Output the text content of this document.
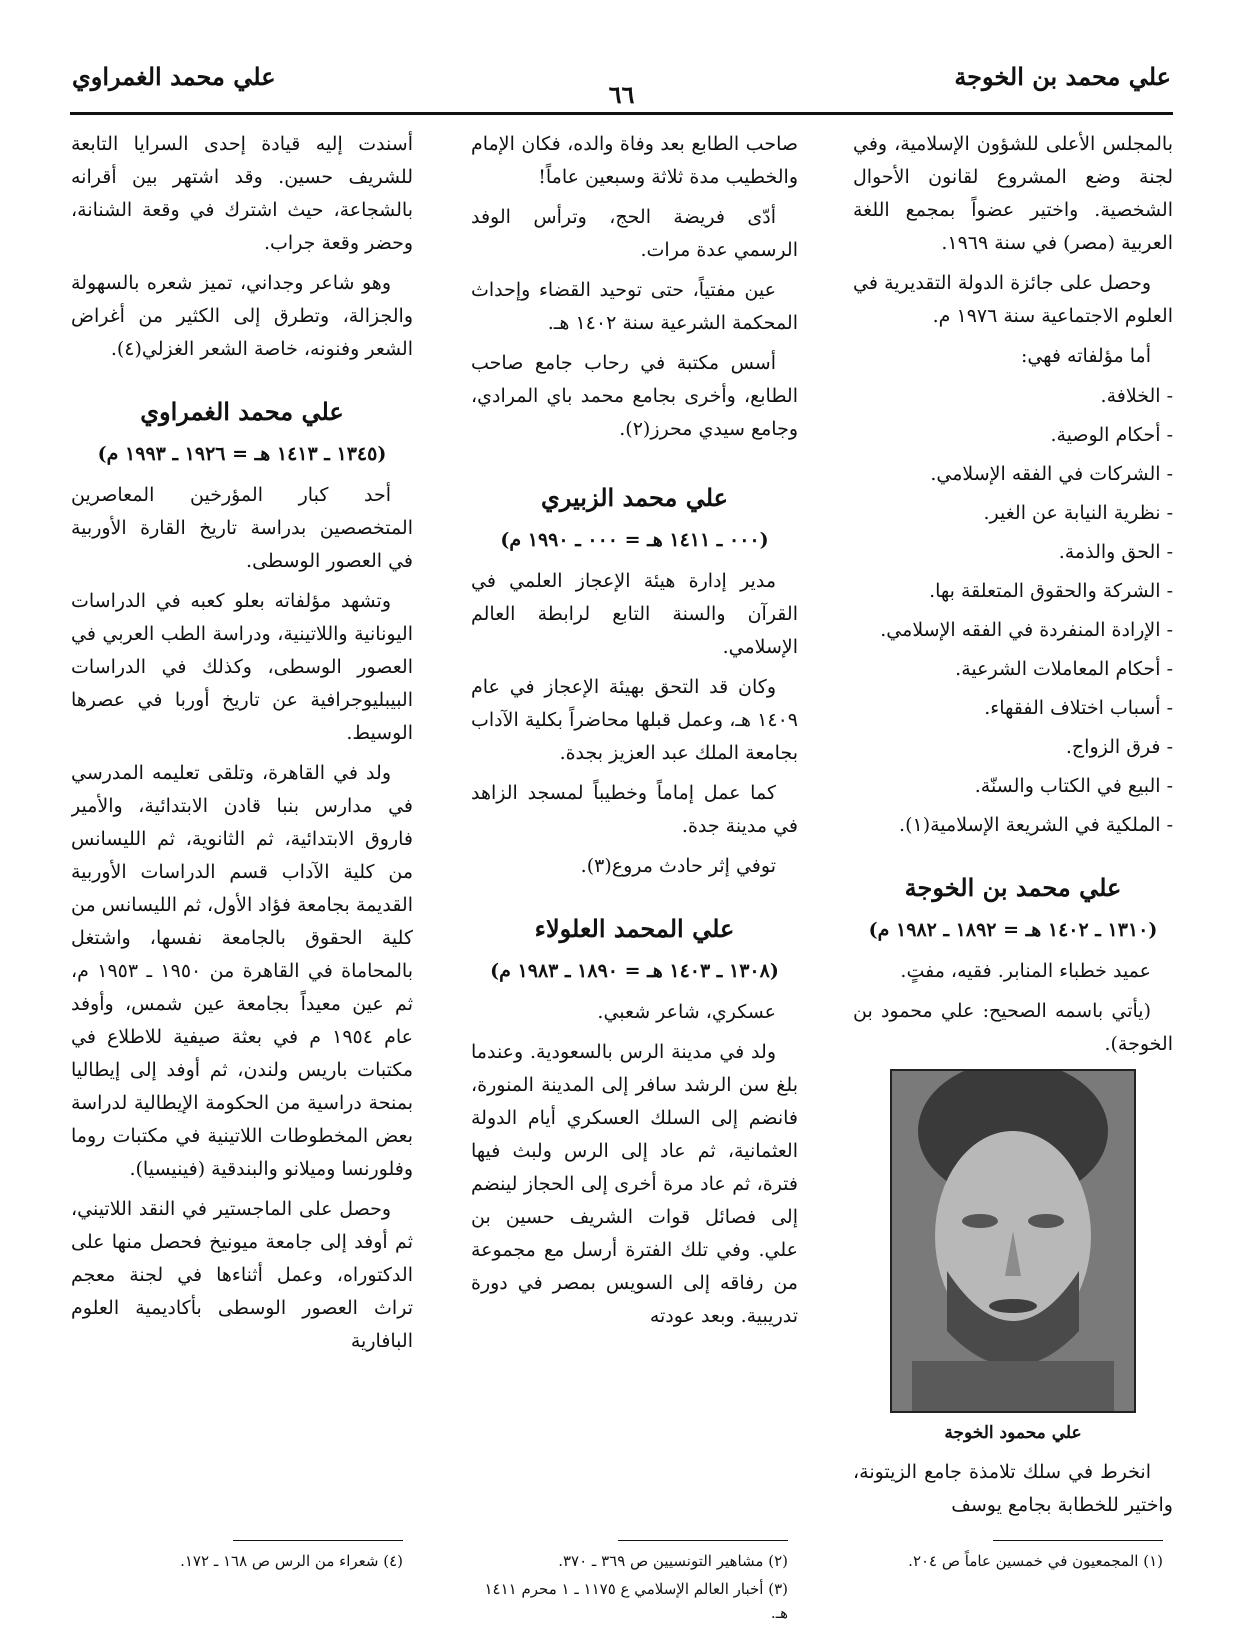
علي محمد بن الخوجة
٦٦
علي محمد الغمراوي

بالمجلس الأعلى للشؤون الإسلامية، وفي لجنة وضع المشروع لقانون الأحوال الشخصية. واختير عضواً بمجمع اللغة العربية (مصر) في سنة ١٩٦٩.

وحصل على جائزة الدولة التقديرية في العلوم الاجتماعية سنة ١٩٧٦ م.

أما مؤلفاته فهي:

- الخلافة.
- أحكام الوصية.
- الشركات في الفقه الإسلامي.
- نظرية النيابة عن الغير.
- الحق والذمة.
- الشركة والحقوق المتعلقة بها.
- الإرادة المنفردة في الفقه الإسلامي.
- أحكام المعاملات الشرعية.
- أسباب اختلاف الفقهاء.
- فرق الزواج.
- البيع في الكتاب والسنّة.
- الملكية في الشريعة الإسلامية(١).
علي محمد بن الخوجة
(١٣١٠ ـ ١٤٠٢ هـ = ١٨٩٢ ـ ١٩٨٢ م)

عميد خطباء المنابر. فقيه، مفتٍ.

(يأتي باسمه الصحيح: علي محمود بن الخوجة).

علي محمود الخوجة

انخرط في سلك تلامذة جامع الزيتونة، واختير للخطابة بجامع يوسف

صاحب الطابع بعد وفاة والده، فكان الإمام والخطيب مدة ثلاثة وسبعين عاماً!

أدّى فريضة الحج، وترأس الوفد الرسمي عدة مرات.

عين مفتياً، حتى توحيد القضاء وإحداث المحكمة الشرعية سنة ١٤٠٢ هـ.

أسس مكتبة في رحاب جامع صاحب الطابع، وأخرى بجامع محمد باي المرادي، وجامع سيدي محرز(٢).

علي محمد الزبيري
(٠٠٠ ـ ١٤١١ هـ = ٠٠٠ ـ ١٩٩٠ م)

مدير إدارة هيئة الإعجاز العلمي في القرآن والسنة التابع لرابطة العالم الإسلامي.

وكان قد التحق بهيئة الإعجاز في عام ١٤٠٩ هـ، وعمل قبلها محاضراً بكلية الآداب بجامعة الملك عبد العزيز بجدة.

كما عمل إماماً وخطيباً لمسجد الزاهد في مدينة جدة.

توفي إثر حادث مروع(٣).

علي المحمد العلولاء
(١٣٠٨ ـ ١٤٠٣ هـ = ١٨٩٠ ـ ١٩٨٣ م)

عسكري، شاعر شعبي.

ولد في مدينة الرس بالسعودية. وعندما بلغ سن الرشد سافر إلى المدينة المنورة، فانضم إلى السلك العسكري أيام الدولة العثمانية، ثم عاد إلى الرس ولبث فيها فترة، ثم عاد مرة أخرى إلى الحجاز لينضم إلى فصائل قوات الشريف حسين بن علي. وفي تلك الفترة أرسل مع مجموعة من رفاقه إلى السويس بمصر في دورة تدريبية. وبعد عودته

أسندت إليه قيادة إحدى السرايا التابعة للشريف حسين. وقد اشتهر بين أقرانه بالشجاعة، حيث اشترك في وقعة الشنانة، وحضر وقعة جراب.

وهو شاعر وجداني، تميز شعره بالسهولة والجزالة، وتطرق إلى الكثير من أغراض الشعر وفنونه، خاصة الشعر الغزلي(٤).

علي محمد الغمراوي
(١٣٤٥ ـ ١٤١٣ هـ = ١٩٢٦ ـ ١٩٩٣ م)

أحد كبار المؤرخين المعاصرين المتخصصين بدراسة تاريخ القارة الأوربية في العصور الوسطى.

وتشهد مؤلفاته بعلو كعبه في الدراسات اليونانية واللاتينية، ودراسة الطب العربي في العصور الوسطى، وكذلك في الدراسات البيبليوجرافية عن تاريخ أوربا في عصرها الوسيط.

ولد في القاهرة، وتلقى تعليمه المدرسي في مدارس بنبا قادن الابتدائية، والأمير فاروق الابتدائية، ثم الثانوية، ثم الليسانس من كلية الآداب قسم الدراسات الأوربية القديمة بجامعة فؤاد الأول، ثم الليسانس من كلية الحقوق بالجامعة نفسها، واشتغل بالمحاماة في القاهرة من ١٩٥٠ ـ ١٩٥٣ م، ثم عين معيداً بجامعة عين شمس، وأوفد عام ١٩٥٤ م في بعثة صيفية للاطلاع في مكتبات باريس ولندن، ثم أوفد إلى إيطاليا بمنحة دراسية من الحكومة الإيطالية لدراسة بعض المخطوطات اللاتينية في مكتبات روما وفلورنسا وميلانو والبندقية (فينيسيا).

وحصل على الماجستير في النقد اللاتيني، ثم أوفد إلى جامعة ميونيخ فحصل منها على الدكتوراه، وعمل أثناءها في لجنة معجم تراث العصور الوسطى بأكاديمية العلوم البافارية

(١) المجمعيون في خمسين عاماً ص ٢٠٤.
(٢) مشاهير التونسيين ص ٣٦٩ ـ ٣٧٠.
(٣) أخبار العالم الإسلامي ع ١١٧٥ ـ ١ محرم ١٤١١ هـ.
(٤) شعراء من الرس ص ١٦٨ ـ ١٧٢.
